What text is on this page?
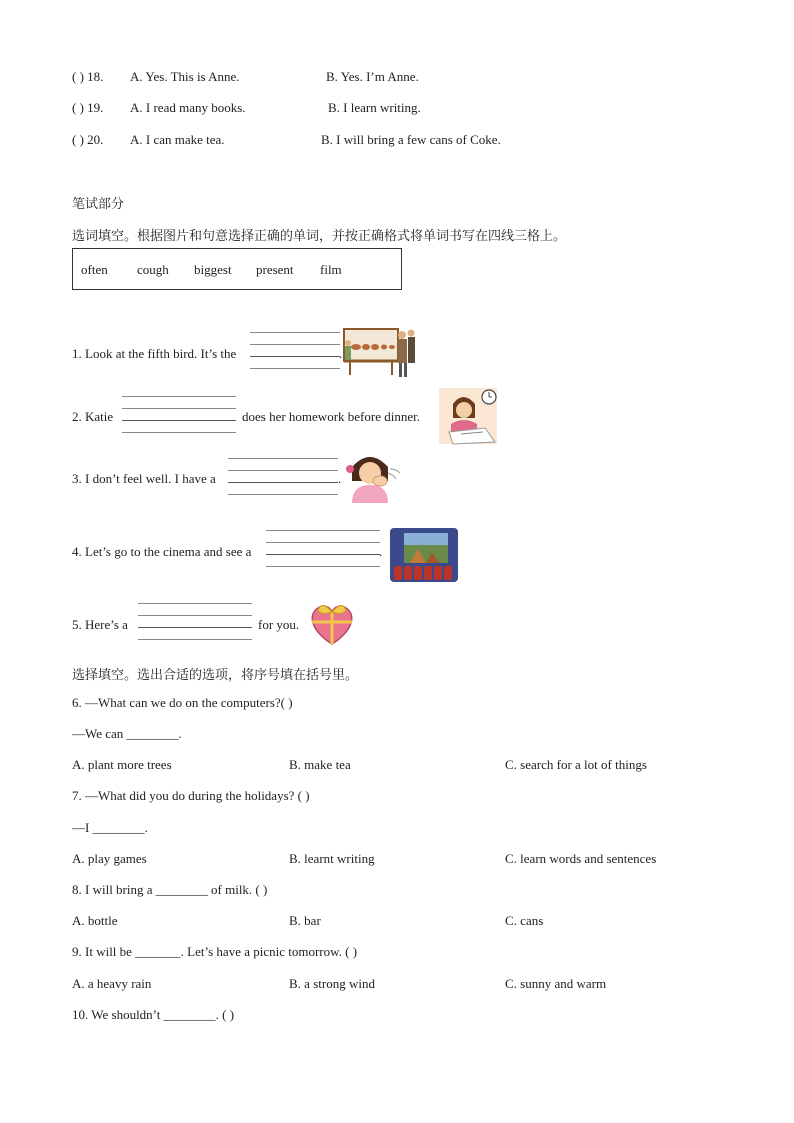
( ) 18. A. Yes. This is Anne.	B. Yes. I’m Anne.
( ) 19. A. I read many books.	B. I learn writing.
( ) 20. A. I can make tea.	B. I will bring a few cans of Coke.
笔试部分
选词填空。根据图片和句意选择正确的单词，并按正确格式将单词书写在四线三格上。
often cough biggest present film
1. Look at the fifth bird. It’s the	.
2. Katie	does her homework before dinner.
3. I don’t feel well. I have a	.
4. Let’s go to the cinema and see a	.
5. Here’s a	for you.
选择填空。选出合适的选项，将序号填在括号里。
6. —What can we do on the computers?( )
—We can ________.
A. plant more trees	B. make tea	C. search for a lot of things
7. —What did you do during the holidays? ( )
—I ________.
A. play games	B. learnt writing	C. learn words and sentences
8. I will bring a ________ of milk. ( )
A. bottle	B. bar	C. cans
9. It will be _______. Let’s have a picnic tomorrow. ( )
A. a heavy rain	B. a strong wind	C. sunny and warm
10. We shouldn’t ________. ( )
